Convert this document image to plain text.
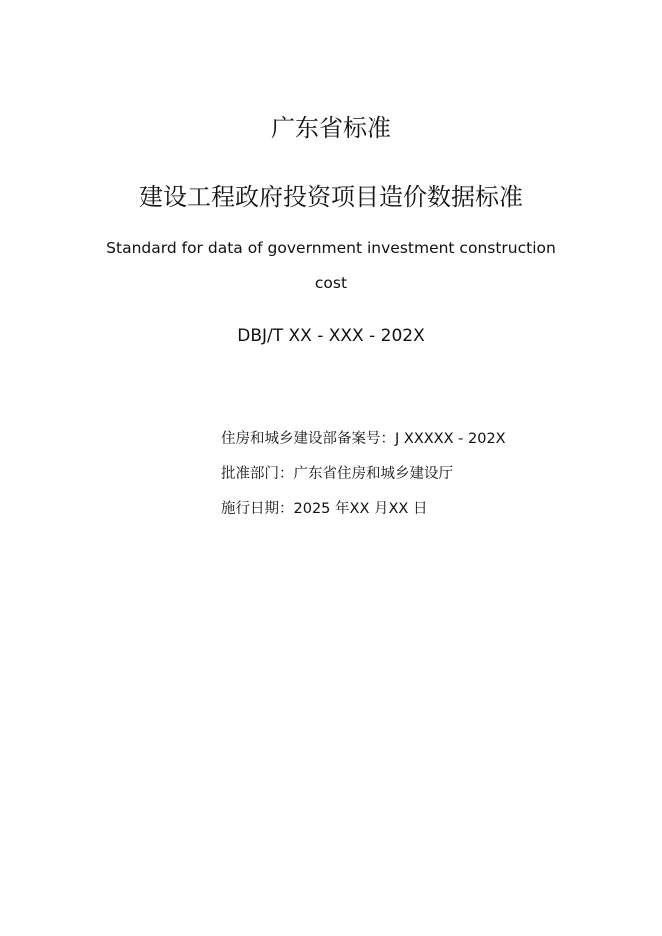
广东省标准
建设工程政府投资项目造价数据标准
Standard for data of government investment construction
cost
DBJ/T XX - XXX - 202X
住房和城乡建设部备案号：J XXXXX - 202X
批准部门：广东省住房和城乡建设厅
施行日期：2025 年XX 月XX 日
